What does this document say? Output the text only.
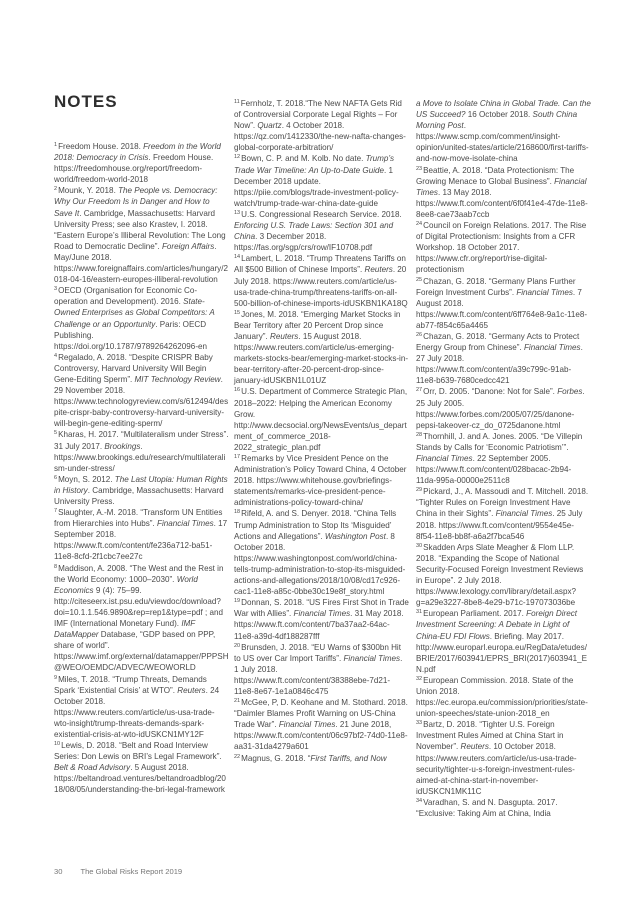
NOTES

$^1$Freedom House. 2018. Freedom in the World 2018: Democracy in Crisis. Freedom House. https://freedomhouse.org/report/freedom-world/freedom-world-2018

$^2$Mounk, Y. 2018. The People vs. Democracy: Why Our Freedom Is in Danger and How to Save It. Cambridge, Massachusetts: Harvard University Press; see also Krastev, I. 2018. “Eastern Europe’s Illiberal Revolution: The Long Road to Democratic Decline”. Foreign Affairs. May/June 2018. https://www.foreignaffairs.com/articles/hungary/2018-04-16/eastern-europes-illiberal-revolution

$^3$OECD (Organisation for Economic Co-operation and Development). 2016. State-Owned Enterprises as Global Competitors: A Challenge or an Opportunity. Paris: OECD Publishing. https://doi.org/10.1787/9789264262096-en

$^4$Regalado, A. 2018. “Despite CRISPR Baby Controversy, Harvard University Will Begin Gene-Editing Sperm”. MIT Technology Review. 29 November 2018. https://www.technologyreview.com/s/612494/despite-crispr-baby-controversy-harvard-university-will-begin-gene-editing-sperm/

$^5$Kharas, H. 2017. “Multilateralism under Stress”. 31 July 2017. Brookings. https://www.brookings.edu/research/multilateralism-under-stress/

$^6$Moyn, S. 2012. The Last Utopia: Human Rights in History. Cambridge, Massachusetts: Harvard University Press.

$^7$Slaughter, A.-M. 2018. “Transform UN Entities from Hierarchies into Hubs”. Financial Times. 17 September 2018. https://www.ft.com/content/fe236a712-ba51-11e8-8cfd-2f1cbc7ee27c

$^8$Maddison, A. 2008. “The West and the Rest in the World Economy: 1000–2030”. World Economics 9 (4): 75–99. http://citeseerx.ist.psu.edu/viewdoc/download?doi=10.1.1.546.9890&rep=rep1&type=pdf ; and IMF (International Monetary Fund). IMF DataMapper Database, “GDP based on PPP, share of world”. https://www.imf.org/external/datamapper/PPPSH@WEO/OEMDC/ADVEC/WEOWORLD

$^9$Miles, T. 2018. “Trump Threats, Demands Spark ‘Existential Crisis’ at WTO”. Reuters. 24 October 2018. https://www.reuters.com/article/us-usa-trade-wto-insight/trump-threats-demands-spark-existential-crisis-at-wto-idUSKCN1MY12F

$^{10}$Lewis, D. 2018. “Belt and Road Interview Series: Don Lewis on BRI’s Legal Framework”. Belt & Road Advisory. 5 August 2018. https://beltandroad.ventures/beltandroadblog/2018/08/05/understanding-the-bri-legal-framework

$^{11}$Fernholz, T. 2018.“The New NAFTA Gets Rid of Controversial Corporate Legal Rights – For Now”. Quartz. 4 October 2018. https://qz.com/1412330/the-new-nafta-changes-global-corporate-arbitration/

$^{12}$Bown, C. P. and M. Kolb. No date. Trump’s Trade War Timeline: An Up-to-Date Guide. 1 December 2018 update. https://piie.com/blogs/trade-investment-policy-watch/trump-trade-war-china-date-guide

$^{13}$U.S. Congressional Research Service. 2018. Enforcing U.S. Trade Laws: Section 301 and China. 3 December 2018. https://fas.org/sgp/crs/row/IF10708.pdf

$^{14}$Lambert, L. 2018. “Trump Threatens Tariffs on All $500 Billion of Chinese Imports”. Reuters. 20 July 2018. https://www.reuters.com/article/us-usa-trade-china-trump/threatens-tariffs-on-all-500-billion-of-chinese-imports-idUSKBN1KA18Q

$^{15}$Jones, M. 2018. “Emerging Market Stocks in Bear Territory after 20 Percent Drop since January”. Reuters. 15 August 2018. https://www.reuters.com/article/us-emerging-markets-stocks-bear/emerging-market-stocks-in-bear-territory-after-20-percent-drop-since-january-idUSKBN1L01UZ

$^{16}$U.S. Department of Commerce Strategic Plan, 2018–2022: Helping the American Economy Grow. http://www.decsocial.org/NewsEvents/us_department_of_commerce_2018-2022_strategic_plan.pdf

$^{17}$Remarks by Vice President Pence on the Administration’s Policy Toward China, 4 October 2018. https://www.whitehouse.gov/briefings-statements/remarks-vice-president-pence-administrations-policy-toward-china/

$^{18}$Rifeld, A. and S. Denyer. 2018. “China Tells Trump Administration to Stop Its ‘Misguided’ Actions and Allegations”. Washington Post. 8 October 2018. https://www.washingtonpost.com/world/china-tells-trump-administration-to-stop-its-misguided-actions-and-allegations/2018/10/08/cd17c926-cac1-11e8-a85c-0bbe30c19e8f_story.html

$^{19}$Donnan, S. 2018. “US Fires First Shot in Trade War with Allies”. Financial Times. 31 May 2018. https://www.ft.com/content/7ba37aa2-64ac-11e8-a39d-4df188287fff

$^{20}$Brunsden, J. 2018. “EU Warns of $300bn Hit to US over Car Import Tariffs”. Financial Times. 1 July 2018. https://www.ft.com/content/38388ebe-7d21-11e8-8e67-1e1a0846c475

$^{21}$McGee, P, D. Keohane and M. Stothard. 2018. “Daimler Blames Profit Warning on US-China Trade War”. Financial Times. 21 June 2018, https://www.ft.com/content/06c97bf2-74d0-11e8-aa31-31da4279a601

$^{22}$Magnus, G. 2018. “First Tariffs, and Now

a Move to Isolate China in Global Trade. Can the US Succeed? 16 October 2018. South China Morning Post. https://www.scmp.com/comment/insight-opinion/united-states/article/2168600/first-tariffs-and-now-move-isolate-china

$^{23}$Beattie, A. 2018. “Data Protectionism: The Growing Menace to Global Business”. Financial Times. 13 May 2018. https://www.ft.com/content/6f0f41e4-47de-11e8-8ee8-cae73aab7ccb

$^{24}$Council on Foreign Relations. 2017. The Rise of Digital Protectionism: Insights from a CFR Workshop. 18 October 2017. https://www.cfr.org/report/rise-digital-protectionism

$^{25}$Chazan, G. 2018. “Germany Plans Further Foreign Investment Curbs”. Financial Times. 7 August 2018. https://www.ft.com/content/6ff764e8-9a1c-11e8-ab77-f854c65a4465

$^{26}$Chazan, G. 2018. “Germany Acts to Protect Energy Group from Chinese”. Financial Times. 27 July 2018. https://www.ft.com/content/a39c799c-91ab-11e8-b639-7680cedcc421

$^{27}$Orr, D. 2005. “Danone: Not for Sale”. Forbes. 25 July 2005. https://www.forbes.com/2005/07/25/danone-pepsi-takeover-cz_do_0725danone.html

$^{28}$Thornhill, J. and A. Jones. 2005. “De Villepin Stands by Calls for ‘Economic Patriotism’”. Financial Times. 22 September 2005. https://www.ft.com/content/028bacac-2b94-11da-995a-00000e2511c8

$^{29}$Pickard, J., A. Massoudi and T. Mitchell. 2018. “Tighter Rules on Foreign Investment Have China in their Sights”. Financial Times. 25 July 2018. https://www.ft.com/content/9554e45e-8f54-11e8-bb8f-a6a2f7bca546

$^{30}$Skadden Arps Slate Meagher & Flom LLP. 2018. “Expanding the Scope of National Security-Focused Foreign Investment Reviews in Europe”. 2 July 2018. https://www.lexology.com/library/detail.aspx?g=a29e3227-8be8-4e29-b71c-197073036be

$^{31}$European Parliament. 2017. Foreign Direct Investment Screening: A Debate in Light of China-EU FDI Flows. Briefing. May 2017. http://www.europarl.europa.eu/RegData/etudes/BRIE/2017/603941/EPRS_BRI(2017)603941_EN.pdf

$^{32}$European Commission. 2018. State of the Union 2018. https://ec.europa.eu/commission/priorities/state-union-speeches/state-union-2018_en

$^{33}$Bartz, D. 2018. “Tighter U.S. Foreign Investment Rules Aimed at China Start in November”. Reuters. 10 October 2018. https://www.reuters.com/article/us-usa-trade-security/tighter-u-s-foreign-investment-rules-aimed-at-china-start-in-november-idUSKCN1MK11C

$^{34}$Varadhan, S. and N. Dasgupta. 2017. “Exclusive: Taking Aim at China, India

30 The Global Risks Report 2019
